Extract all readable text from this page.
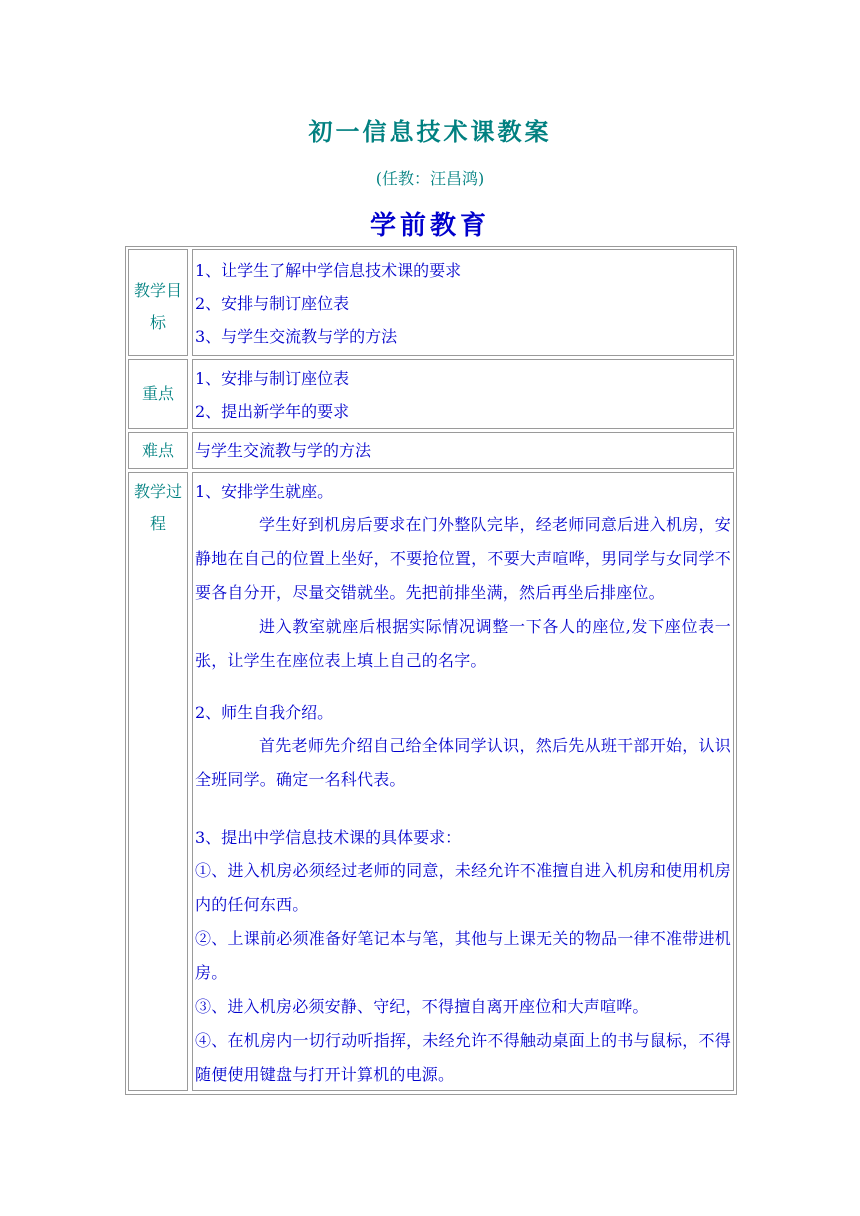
初一信息技术课教案
(任教：汪昌鸿)
学前教育
教学目标
1、让学生了解中学信息技术课的要求
2、安排与制订座位表
3、与学生交流教与学的方法
重点
1、安排与制订座位表
2、提出新学年的要求
难点	与学生交流教与学的方法
教学过程
1、安排学生就座。
学生好到机房后要求在门外整队完毕，经老师同意后进入机房，安静地在自己的位置上坐好，不要抢位置，不要大声喧哗，男同学与女同学不要各自分开，尽量交错就坐。先把前排坐满，然后再坐后排座位。
进入教室就座后根据实际情况调整一下各人的座位,发下座位表一张，让学生在座位表上填上自己的名字。
2、师生自我介绍。
首先老师先介绍自己给全体同学认识，然后先从班干部开始，认识全班同学。确定一名科代表。
3、提出中学信息技术课的具体要求：
①、进入机房必须经过老师的同意，未经允许不准擅自进入机房和使用机房内的任何东西。
②、上课前必须准备好笔记本与笔，其他与上课无关的物品一律不准带进机房。
③、进入机房必须安静、守纪，不得擅自离开座位和大声喧哗。
④、在机房内一切行动听指挥，未经允许不得触动桌面上的书与鼠标，不得随便使用键盘与打开计算机的电源。
